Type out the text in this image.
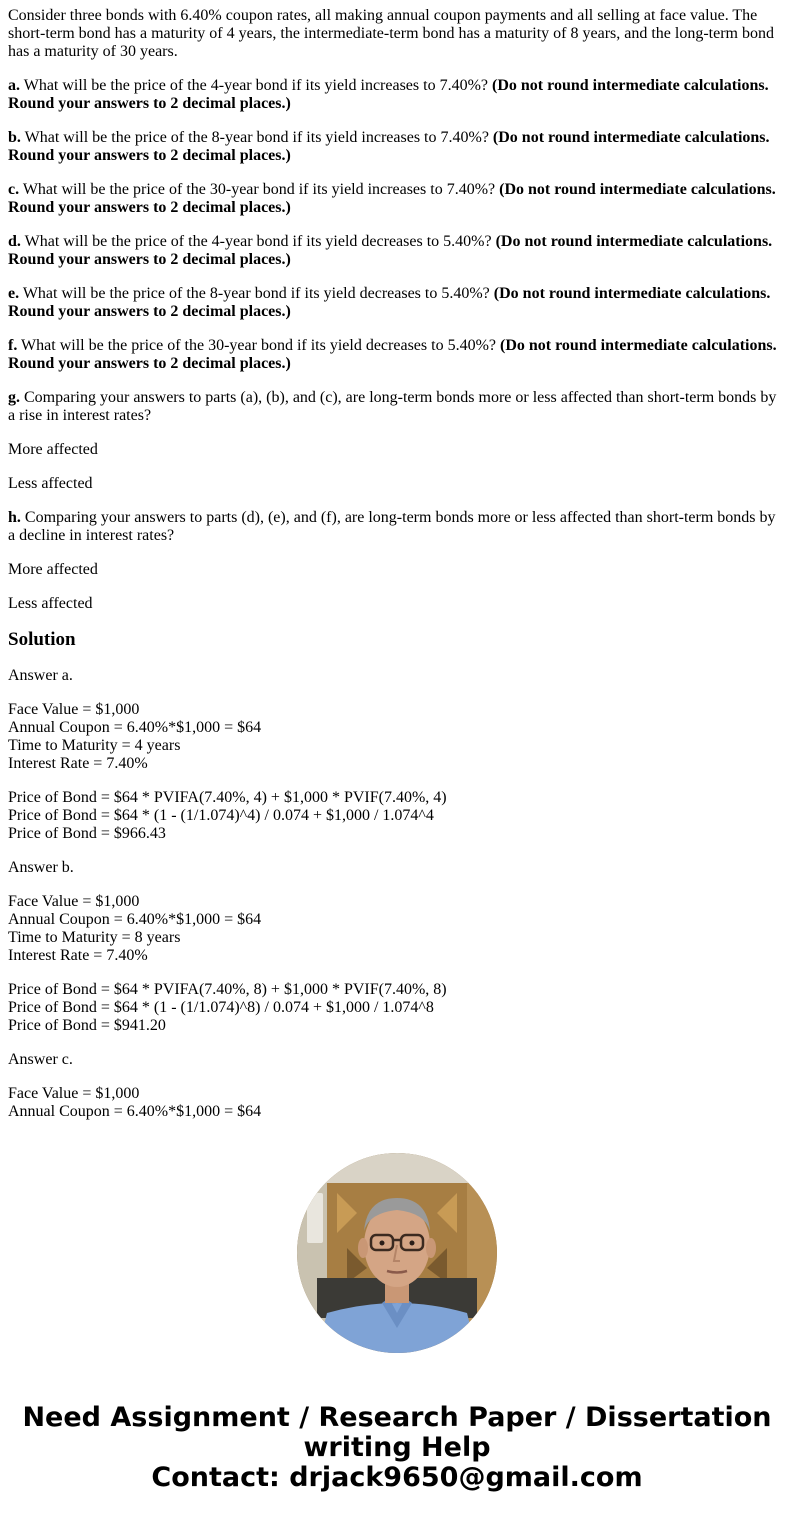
Consider three bonds with 6.40% coupon rates, all making annual coupon payments and all selling at face value. The short-term bond has a maturity of 4 years, the intermediate-term bond has a maturity of 8 years, and the long-term bond has a maturity of 30 years.

a. What will be the price of the 4-year bond if its yield increases to 7.40%? (Do not round intermediate calculations. Round your answers to 2 decimal places.)

b. What will be the price of the 8-year bond if its yield increases to 7.40%? (Do not round intermediate calculations. Round your answers to 2 decimal places.)

c. What will be the price of the 30-year bond if its yield increases to 7.40%? (Do not round intermediate calculations. Round your answers to 2 decimal places.)

d. What will be the price of the 4-year bond if its yield decreases to 5.40%? (Do not round intermediate calculations. Round your answers to 2 decimal places.)

e. What will be the price of the 8-year bond if its yield decreases to 5.40%? (Do not round intermediate calculations. Round your answers to 2 decimal places.)

f. What will be the price of the 30-year bond if its yield decreases to 5.40%? (Do not round intermediate calculations. Round your answers to 2 decimal places.)

g. Comparing your answers to parts (a), (b), and (c), are long-term bonds more or less affected than short-term bonds by a rise in interest rates?

More affected

Less affected

h. Comparing your answers to parts (d), (e), and (f), are long-term bonds more or less affected than short-term bonds by a decline in interest rates?

More affected

Less affected

Solution

Answer a.

Face Value = $1,000
Annual Coupon = 6.40%*$1,000 = $64
Time to Maturity = 4 years
Interest Rate = 7.40%

Price of Bond = $64 * PVIFA(7.40%, 4) + $1,000 * PVIF(7.40%, 4)
Price of Bond = $64 * (1 - (1/1.074)^4) / 0.074 + $1,000 / 1.074^4
Price of Bond = $966.43

Answer b.

Face Value = $1,000
Annual Coupon = 6.40%*$1,000 = $64
Time to Maturity = 8 years
Interest Rate = 7.40%

Price of Bond = $64 * PVIFA(7.40%, 8) + $1,000 * PVIF(7.40%, 8)
Price of Bond = $64 * (1 - (1/1.074)^8) / 0.074 + $1,000 / 1.074^8
Price of Bond = $941.20

Answer c.

Face Value = $1,000
Annual Coupon = 6.40%*$1,000 = $64

Need Assignment / Research Paper / Dissertation
writing Help
Contact: drjack9650@gmail.com
